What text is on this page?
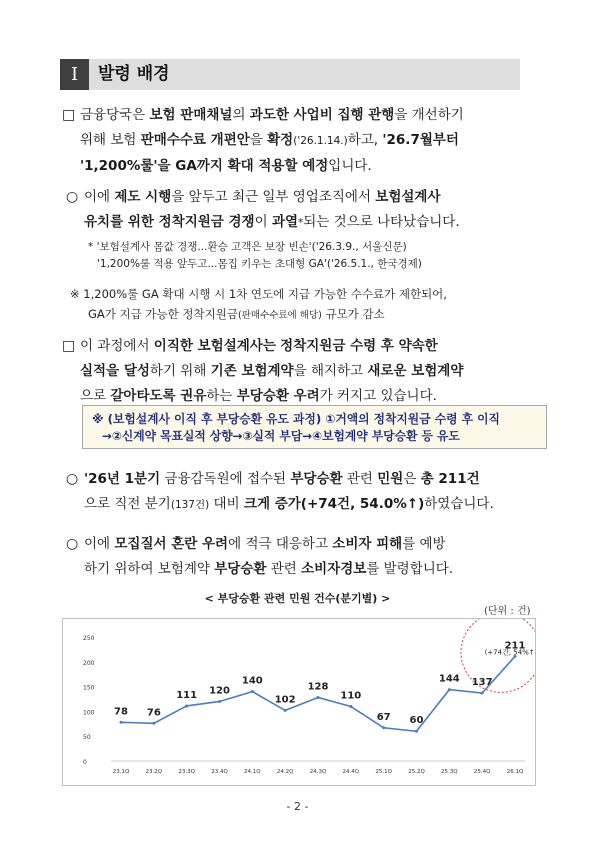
Ⅰ	발령 배경
□ 금융당국은 보험 판매채널의 과도한 사업비 집행 관행을 개선하기

위해 보험 판매수수료 개편안을 확정('26.1.14.)하고, '26.7월부터

'1,200%룰'을 GA까지 확대 적용할 예정입니다.

○ 이에 제도 시행을 앞두고 최근 일부 영업조직에서 보험설계사

유치를 위한 정착지원금 경쟁이 과열*되는 것으로 나타났습니다.

* '보험설계사 몸값 경쟁...환승 고객은 보장 빈손'('26.3.9., 서울신문)

'1,200%룰 적용 앞두고...몸집 키우는 초대형 GA'('26.5.1., 한국경제)

※ 1,200%룰 GA 확대 시행 시 1차 연도에 지급 가능한 수수료가 제한되어,

GA가 지급 가능한 정착지원금(판매수수료에 해당) 규모가 감소

□ 이 과정에서 이직한 보험설계사는 정착지원금 수령 후 약속한

실적을 달성하기 위해 기존 보험계약을 해지하고 새로운 보험계약

으로 갈아타도록 권유하는 부당승환 우려가 커지고 있습니다.

※ (보험설계사 이직 후 부당승환 유도 과정) ①거액의 정착지원금 수령 후 이직

→②신계약 목표실적 상향→③실적 부담→④보험계약 부당승환 등 유도

○ '26년 1분기 금융감독원에 접수된 부당승환 관련 민원은 총 211건

으로 직전 분기(137건) 대비 크게 증가(+74건, 54.0%↑)하였습니다.

○ 이에 모집질서 혼란 우려에 적극 대응하고 소비자 피해를 예방

하기 위하여 보험계약 부당승환 관련 소비자경보를 발령합니다.

< 부당승환 관련 민원 건수(분기별) >
(단위 : 건)
0
50
100
150
200
250
78 76
111 120
140
102
128
110
67 60
144 137
211
(+74건, 54%↑)
23.1Q	23.2Q	23.3Q	23.4Q	24.1Q	24.2Q	24.3Q	24.4Q	25.1Q	25.2Q	25.3Q	25.4Q	26.1Q
- 2 -
